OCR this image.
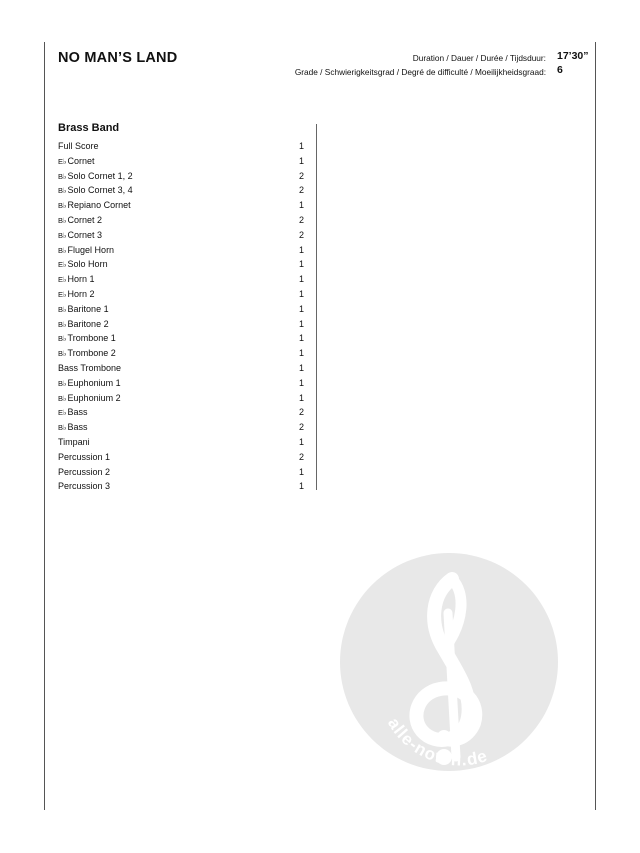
NO MAN’S LAND	Duration / Dauer / Durée / Tijdsduur: 17’30”
Grade / Schwierigkeitsgrad / Degré de difficulté / Moeilijkheidsgraad: 6
Brass Band
Full Score	1
E♭Cornet	1
B♭Solo Cornet 1, 2	2
B♭Solo Cornet 3, 4	2
B♭Repiano Cornet	1
B♭Cornet 2	2
B♭Cornet 3	2
B♭Flugel Horn	1
E♭Solo Horn	1
E♭Horn 1	1
E♭Horn 2	1
B♭Baritone 1	1
B♭Baritone 2	1
B♭Trombone 1	1
B♭Trombone 2	1
Bass Trombone	1
B♭Euphonium 1	1
B♭Euphonium 2	1
E♭Bass	2
B♭Bass	2
Timpani	1
Percussion 1	2
Percussion 2	1
Percussion 3	1
alle-noten.de
